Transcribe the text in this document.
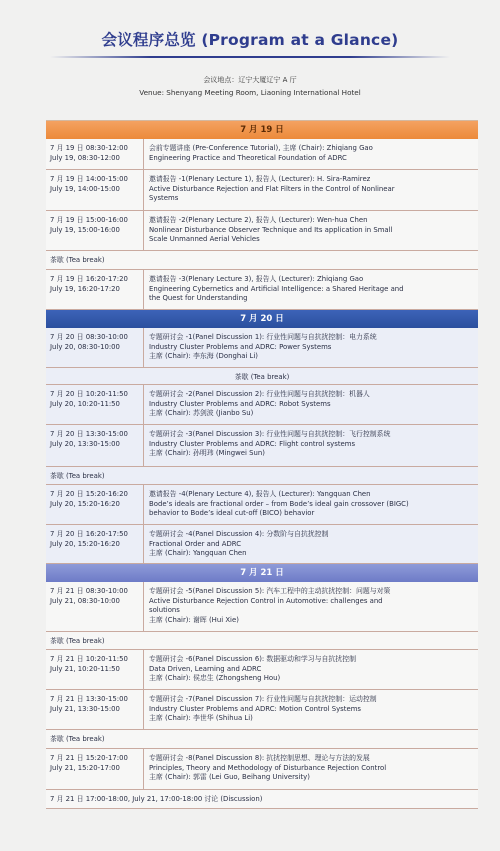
会议程序总览 (Program at a Glance)
会议地点：辽宁大厦辽宁 A 厅
Venue: Shenyang Meeting Room, Liaoning International Hotel
7 月 19 日
7 月 19 日 08:30-12:00
July 19, 08:30-12:00
会前专题讲座 (Pre-Conference Tutorial), 主席 (Chair): Zhiqiang Gao
Engineering Practice and Theoretical Foundation of ADRC
7 月 19 日 14:00-15:00
July 19, 14:00-15:00
邀请报告 -1(Plenary Lecture 1), 报告人 (Lecturer): H. Sira-Ramirez
Active Disturbance Rejection and Flat Filters in the Control of Nonlinear
Systems
7 月 19 日 15:00-16:00
July 19, 15:00-16:00
邀请报告 -2(Plenary Lecture 2), 报告人 (Lecturer): Wen-hua Chen
Nonlinear Disturbance Observer Technique and Its application in Small
Scale Unmanned Aerial Vehicles
茶歇 (Tea break)
7 月 19 日 16:20-17:20
July 19, 16:20-17:20
邀请报告 -3(Plenary Lecture 3), 报告人 (Lecturer): Zhiqiang Gao
Engineering Cybernetics and Artificial Intelligence: a Shared Heritage and
the Quest for Understanding
7 月 20 日
7 月 20 日 08:30-10:00
July 20, 08:30-10:00
专题研讨会 -1(Panel Discussion 1): 行业性问题与自抗扰控制：电力系统
Industry Cluster Problems and ADRC: Power Systems
主席 (Chair): 李东海 (Donghai Li)
茶歇 (Tea break)
7 月 20 日 10:20-11:50
July 20, 10:20-11:50
专题研讨会 -2(Panel Discussion 2): 行业性问题与自抗扰控制：机器人
Industry Cluster Problems and ADRC: Robot Systems
主席 (Chair): 苏剑波 (Jianbo Su)
7 月 20 日 13:30-15:00
July 20, 13:30-15:00
专题研讨会 -3(Panel Discussion 3): 行业性问题与自抗扰控制：飞行控制系统
Industry Cluster Problems and ADRC: Flight control systems
主席 (Chair): 孙明玮 (Mingwei Sun)
茶歇 (Tea break)
7 月 20 日 15:20-16:20
July 20, 15:20-16:20
邀请报告 -4(Plenary Lecture 4), 报告人 (Lecturer): Yangquan Chen
Bode’s ideals are fractional order – from Bode’s ideal gain crossover (BIGC)
behavior to Bode’s ideal cut-off (BICO) behavior
7 月 20 日 16:20-17:50
July 20, 15:20-16:20
专题研讨会 -4(Panel Discussion 4): 分数阶与自抗扰控制
Fractional Order and ADRC
主席 (Chair): Yangquan Chen
7 月 21 日
7 月 21 日 08:30-10:00
July 21, 08:30-10:00
专题研讨会 -5(Panel Discussion 5): 汽车工程中的主动抗扰控制：问题与对策
Active Disturbance Rejection Control in Automotive: challenges and
solutions
主席 (Chair): 谢晖 (Hui Xie)
茶歇 (Tea break)
7 月 21 日 10:20-11:50
July 21, 10:20-11:50
专题研讨会 -6(Panel Discussion 6): 数据驱动和学习与自抗扰控制
Data Driven, Learning and ADRC
主席 (Chair): 侯忠生 (Zhongsheng Hou)
7 月 21 日 13:30-15:00
July 21, 13:30-15:00
专题研讨会 -7(Panel Discussion 7): 行业性问题与自抗扰控制：运动控制
Industry Cluster Problems and ADRC: Motion Control Systems
主席 (Chair): 李世华 (Shihua Li)
茶歇 (Tea break)
7 月 21 日 15:20-17:00
July 21, 15:20-17:00
专题研讨会 -8(Panel Discussion 8): 抗扰控制思想、理论与方法的发展
Principles, Theory and Methodology of Disturbance Rejection Control
主席 (Chair): 郭雷 (Lei Guo, Beihang University)
7 月 21 日 17:00-18:00, July 21, 17:00-18:00 讨论 (Discussion)
